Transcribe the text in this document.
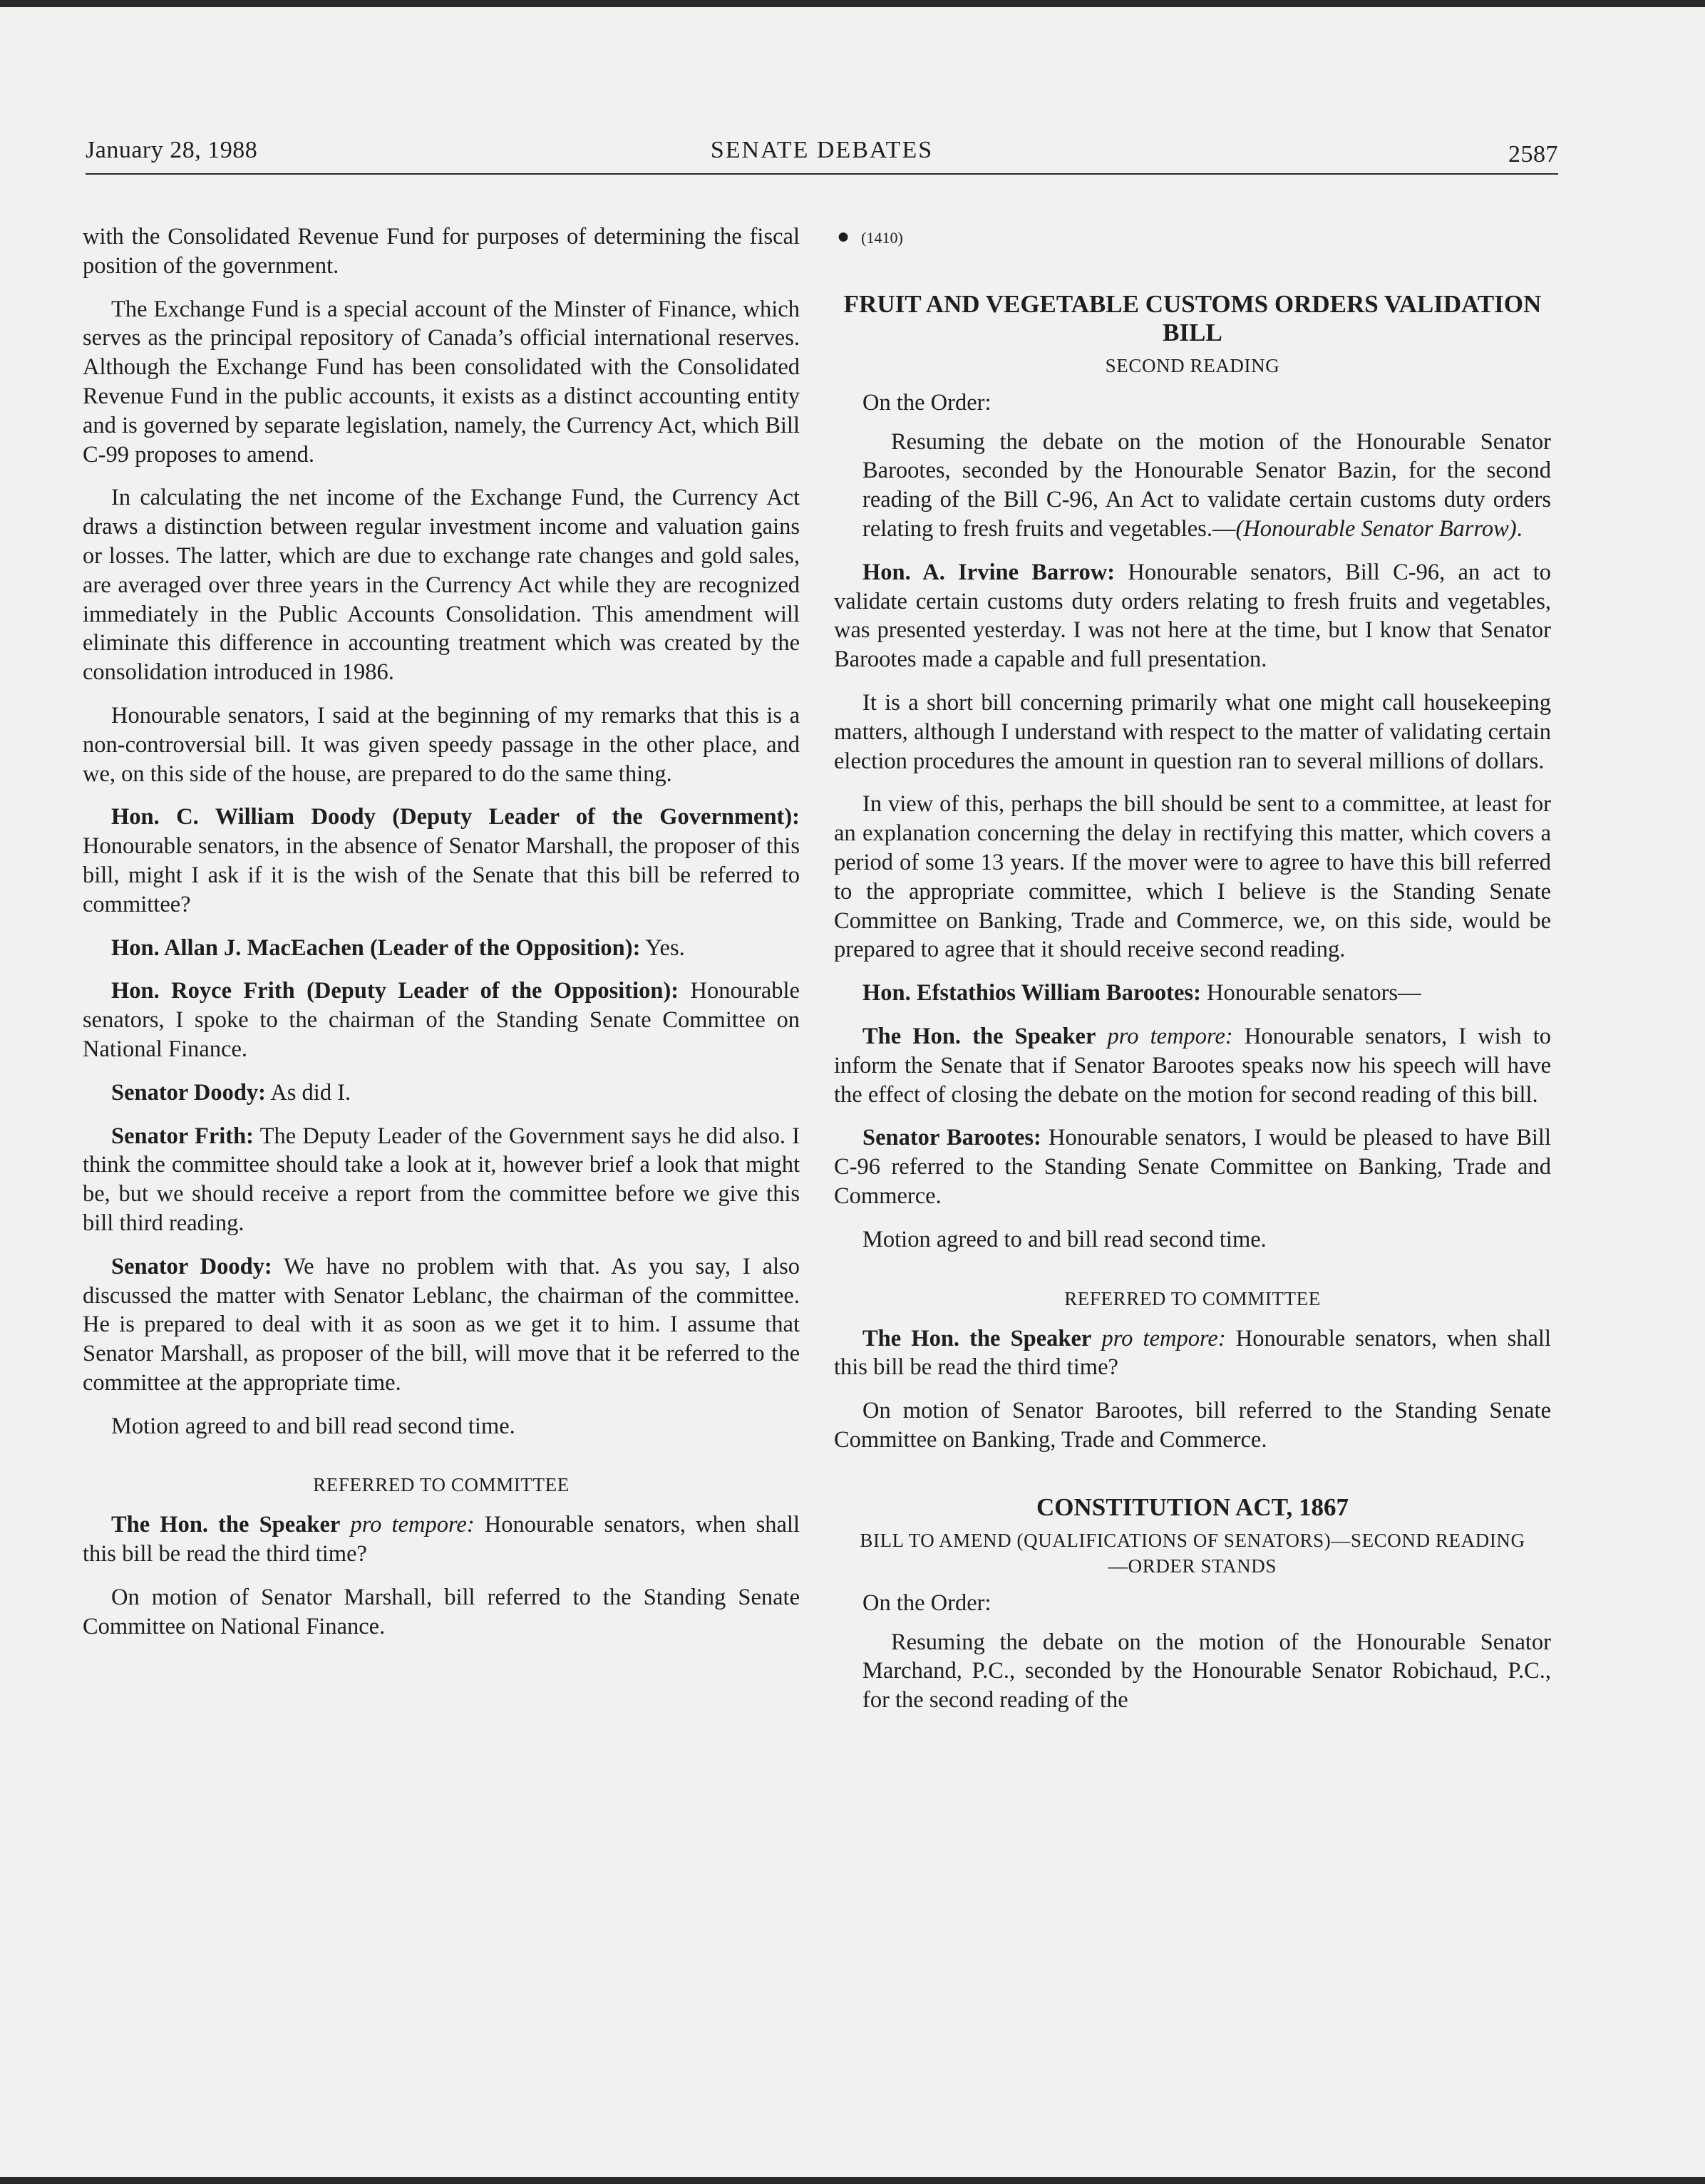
January 28, 1988	SENATE DEBATES	2587

with the Consolidated Revenue Fund for purposes of determining the fiscal position of the government.

The Exchange Fund is a special account of the Minster of Finance, which serves as the principal repository of Canada’s official international reserves. Although the Exchange Fund has been consolidated with the Consolidated Revenue Fund in the public accounts, it exists as a distinct accounting entity and is governed by separate legislation, namely, the Currency Act, which Bill C-99 proposes to amend.

In calculating the net income of the Exchange Fund, the Currency Act draws a distinction between regular investment income and valuation gains or losses. The latter, which are due to exchange rate changes and gold sales, are averaged over three years in the Currency Act while they are recognized immediately in the Public Accounts Consolidation. This amendment will eliminate this difference in accounting treatment which was created by the consolidation introduced in 1986.

Honourable senators, I said at the beginning of my remarks that this is a non-controversial bill. It was given speedy passage in the other place, and we, on this side of the house, are prepared to do the same thing.

Hon. C. William Doody (Deputy Leader of the Government): Honourable senators, in the absence of Senator Marshall, the proposer of this bill, might I ask if it is the wish of the Senate that this bill be referred to committee?

Hon. Allan J. MacEachen (Leader of the Opposition): Yes.

Hon. Royce Frith (Deputy Leader of the Opposition): Honourable senators, I spoke to the chairman of the Standing Senate Committee on National Finance.

Senator Doody: As did I.

Senator Frith: The Deputy Leader of the Government says he did also. I think the committee should take a look at it, however brief a look that might be, but we should receive a report from the committee before we give this bill third reading.

Senator Doody: We have no problem with that. As you say, I also discussed the matter with Senator Leblanc, the chairman of the committee. He is prepared to deal with it as soon as we get it to him. I assume that Senator Marshall, as proposer of the bill, will move that it be referred to the committee at the appropriate time.

Motion agreed to and bill read second time.

REFERRED TO COMMITTEE

The Hon. the Speaker pro tempore: Honourable senators, when shall this bill be read the third time?

On motion of Senator Marshall, bill referred to the Standing Senate Committee on National Finance.

● (1410)
FRUIT AND VEGETABLE CUSTOMS ORDERS VALIDATION BILL
SECOND READING

On the Order:

Resuming the debate on the motion of the Honourable Senator Barootes, seconded by the Honourable Senator Bazin, for the second reading of the Bill C-96, An Act to validate certain customs duty orders relating to fresh fruits and vegetables.—(Honourable Senator Barrow).

Hon. A. Irvine Barrow: Honourable senators, Bill C-96, an act to validate certain customs duty orders relating to fresh fruits and vegetables, was presented yesterday. I was not here at the time, but I know that Senator Barootes made a capable and full presentation.

It is a short bill concerning primarily what one might call housekeeping matters, although I understand with respect to the matter of validating certain election procedures the amount in question ran to several millions of dollars.

In view of this, perhaps the bill should be sent to a committee, at least for an explanation concerning the delay in rectifying this matter, which covers a period of some 13 years. If the mover were to agree to have this bill referred to the appropriate committee, which I believe is the Standing Senate Committee on Banking, Trade and Commerce, we, on this side, would be prepared to agree that it should receive second reading.

Hon. Efstathios William Barootes: Honourable senators—

The Hon. the Speaker pro tempore: Honourable senators, I wish to inform the Senate that if Senator Barootes speaks now his speech will have the effect of closing the debate on the motion for second reading of this bill.

Senator Barootes: Honourable senators, I would be pleased to have Bill C-96 referred to the Standing Senate Committee on Banking, Trade and Commerce.

Motion agreed to and bill read second time.

REFERRED TO COMMITTEE

The Hon. the Speaker pro tempore: Honourable senators, when shall this bill be read the third time?

On motion of Senator Barootes, bill referred to the Standing Senate Committee on Banking, Trade and Commerce.

CONSTITUTION ACT, 1867
BILL TO AMEND (QUALIFICATIONS OF SENATORS)—SECOND READING—ORDER STANDS

On the Order:

Resuming the debate on the motion of the Honourable Senator Marchand, P.C., seconded by the Honourable Senator Robichaud, P.C., for the second reading of the
